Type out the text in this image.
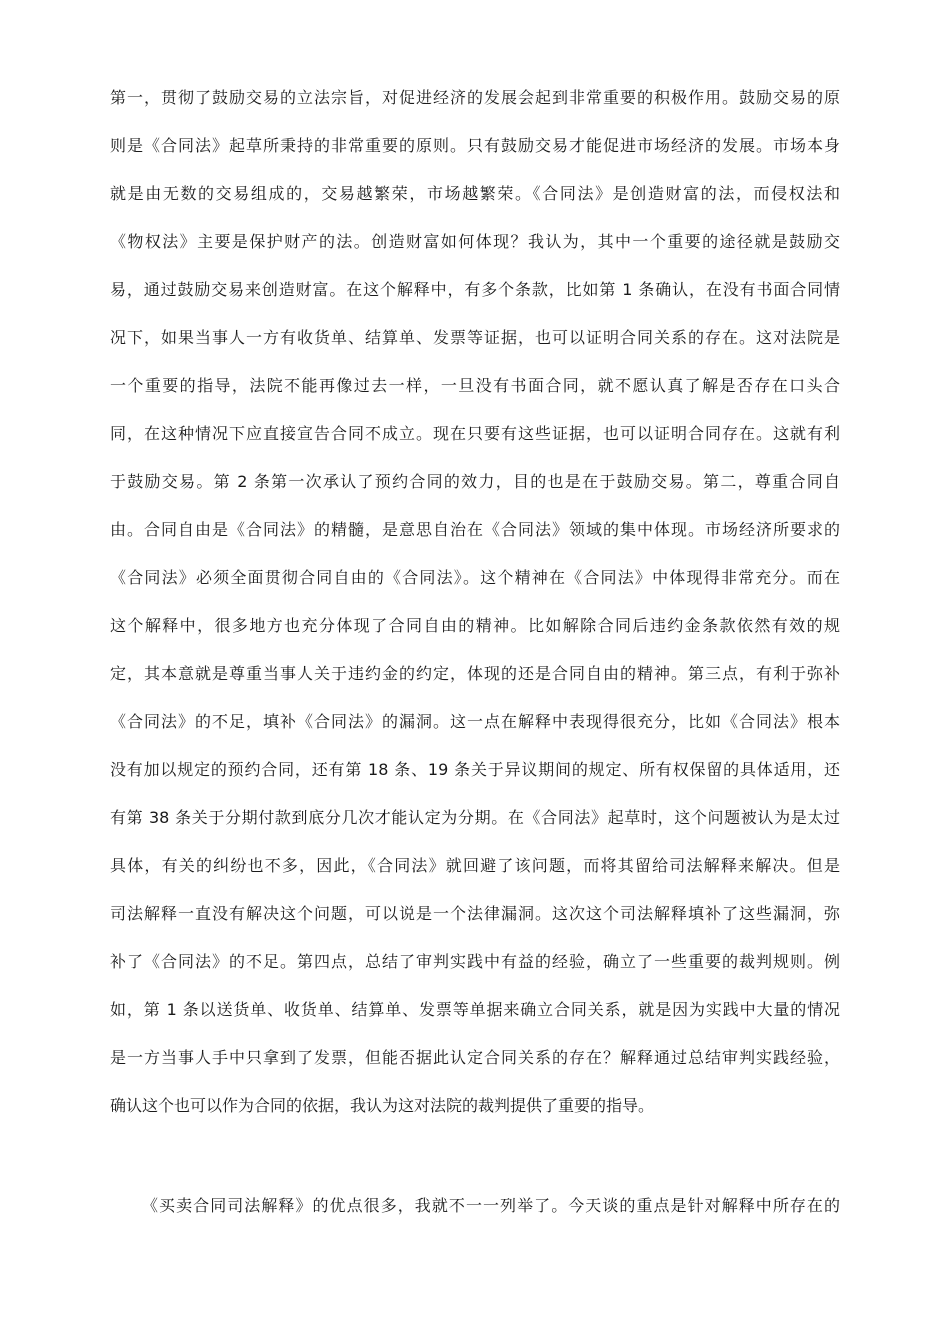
第一，贯彻了鼓励交易的立法宗旨，对促进经济的发展会起到非常重要的积极作用。鼓励交易的原
则是《合同法》起草所秉持的非常重要的原则。只有鼓励交易才能促进市场经济的发展。市场本身
就是由无数的交易组成的，交易越繁荣，市场越繁荣。《合同法》是创造财富的法，而侵权法和
《物权法》主要是保护财产的法。创造财富如何体现？我认为，其中一个重要的途径就是鼓励交
易，通过鼓励交易来创造财富。在这个解释中，有多个条款，比如第 1 条确认，在没有书面合同情
况下，如果当事人一方有收货单、结算单、发票等证据，也可以证明合同关系的存在。这对法院是
一个重要的指导，法院不能再像过去一样，一旦没有书面合同，就不愿认真了解是否存在口头合
同，在这种情况下应直接宣告合同不成立。现在只要有这些证据，也可以证明合同存在。这就有利
于鼓励交易。第 2 条第一次承认了预约合同的效力，目的也是在于鼓励交易。第二，尊重合同自
由。合同自由是《合同法》的精髓，是意思自治在《合同法》领域的集中体现。市场经济所要求的
《合同法》必须全面贯彻合同自由的《合同法》。这个精神在《合同法》中体现得非常充分。而在
这个解释中，很多地方也充分体现了合同自由的精神。比如解除合同后违约金条款依然有效的规
定，其本意就是尊重当事人关于违约金的约定，体现的还是合同自由的精神。第三点，有利于弥补
《合同法》的不足，填补《合同法》的漏洞。这一点在解释中表现得很充分，比如《合同法》根本
没有加以规定的预约合同，还有第 18 条、19 条关于异议期间的规定、所有权保留的具体适用，还
有第 38 条关于分期付款到底分几次才能认定为分期。在《合同法》起草时，这个问题被认为是太过
具体，有关的纠纷也不多，因此，《合同法》就回避了该问题，而将其留给司法解释来解决。但是
司法解释一直没有解决这个问题，可以说是一个法律漏洞。这次这个司法解释填补了这些漏洞，弥
补了《合同法》的不足。第四点，总结了审判实践中有益的经验，确立了一些重要的裁判规则。例
如，第 1 条以送货单、收货单、结算单、发票等单据来确立合同关系，就是因为实践中大量的情况
是一方当事人手中只拿到了发票，但能否据此认定合同关系的存在？解释通过总结审判实践经验，
确认这个也可以作为合同的依据，我认为这对法院的裁判提供了重要的指导。
《买卖合同司法解释》的优点很多，我就不一一列举了。今天谈的重点是针对解释中所存在的
